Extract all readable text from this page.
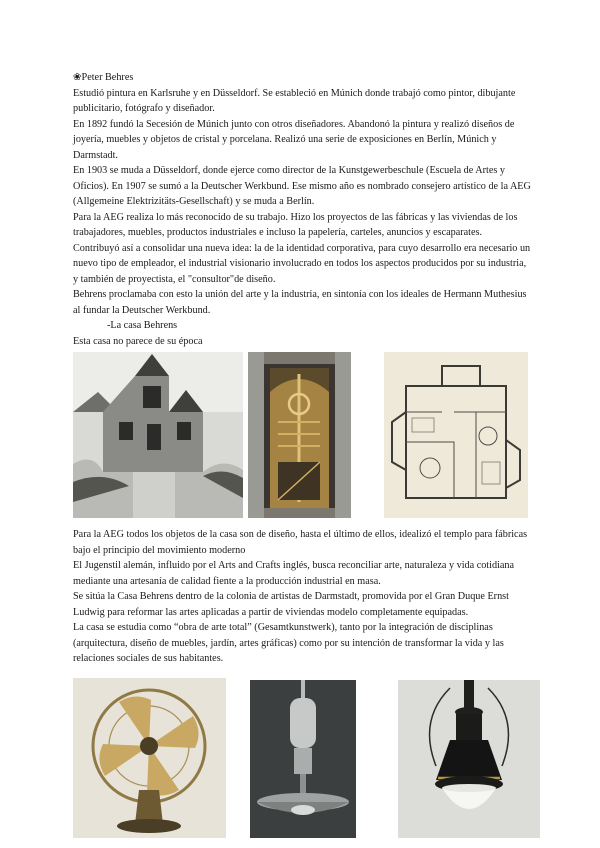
❀Peter Behres

Estudió pintura en Karlsruhe y en Düsseldorf. Se estableció en Múnich donde trabajó como pintor, dibujante publicitario, fotógrafo y diseñador.

En 1892 fundó la Secesión de Múnich junto con otros diseñadores. Abandonó la pintura y realizó diseños de joyería, muebles y objetos de cristal y porcelana. Realizó una serie de exposiciones en Berlín, Múnich y Darmstadt.

En 1903 se muda a Düsseldorf, donde ejerce como director de la Kunstgewerbeschule (Escuela de Artes y Oficios). En 1907 se sumó a la Deutscher Werkbund. Ese mismo año es nombrado consejero artístico de la AEG (Allgemeine Elektrizitäts-Gesellschaft) y se muda a Berlín.

Para la AEG realiza lo más reconocido de su trabajo. Hizo los proyectos de las fábricas y las viviendas de los trabajadores, muebles, productos industriales e incluso la papelería, carteles, anuncios y escaparates.

Contribuyó así a consolidar una nueva idea: la de la identidad corporativa, para cuyo desarrollo era necesario un nuevo tipo de empleador, el industrial visionario involucrado en todos los aspectos producidos por su industria, y también de proyectista, el "consultor"de diseño.

Behrens proclamaba con esto la unión del arte y la industria, en sintonía con los ideales de Hermann Muthesius al fundar la Deutscher Werkbund.

-La casa Behrens

Esta casa no parece de su época

Para la AEG todos los objetos de la casa son de diseño, hasta el último de ellos, idealizó el templo para fábricas bajo el principio del movimiento moderno

El Jugenstil alemán, influido por el Arts and Crafts inglés, busca reconciliar arte, naturaleza y vida cotidiana mediante una artesanía de calidad fiente a la producción industrial en masa.

Se sitúa la Casa Behrens dentro de la colonia de artistas de Darmstadt, promovida por el Gran Duque Ernst Ludwig para reformar las artes aplicadas a partir de viviendas modelo completamente equipadas.

La casa se estudia como “obra de arte total” (Gesamtkunstwerk), tanto por la integración de disciplinas (arquitectura, diseño de muebles, jardín, artes gráficas) como por su intención de transformar la vida y las relaciones sociales de sus habitantes.
